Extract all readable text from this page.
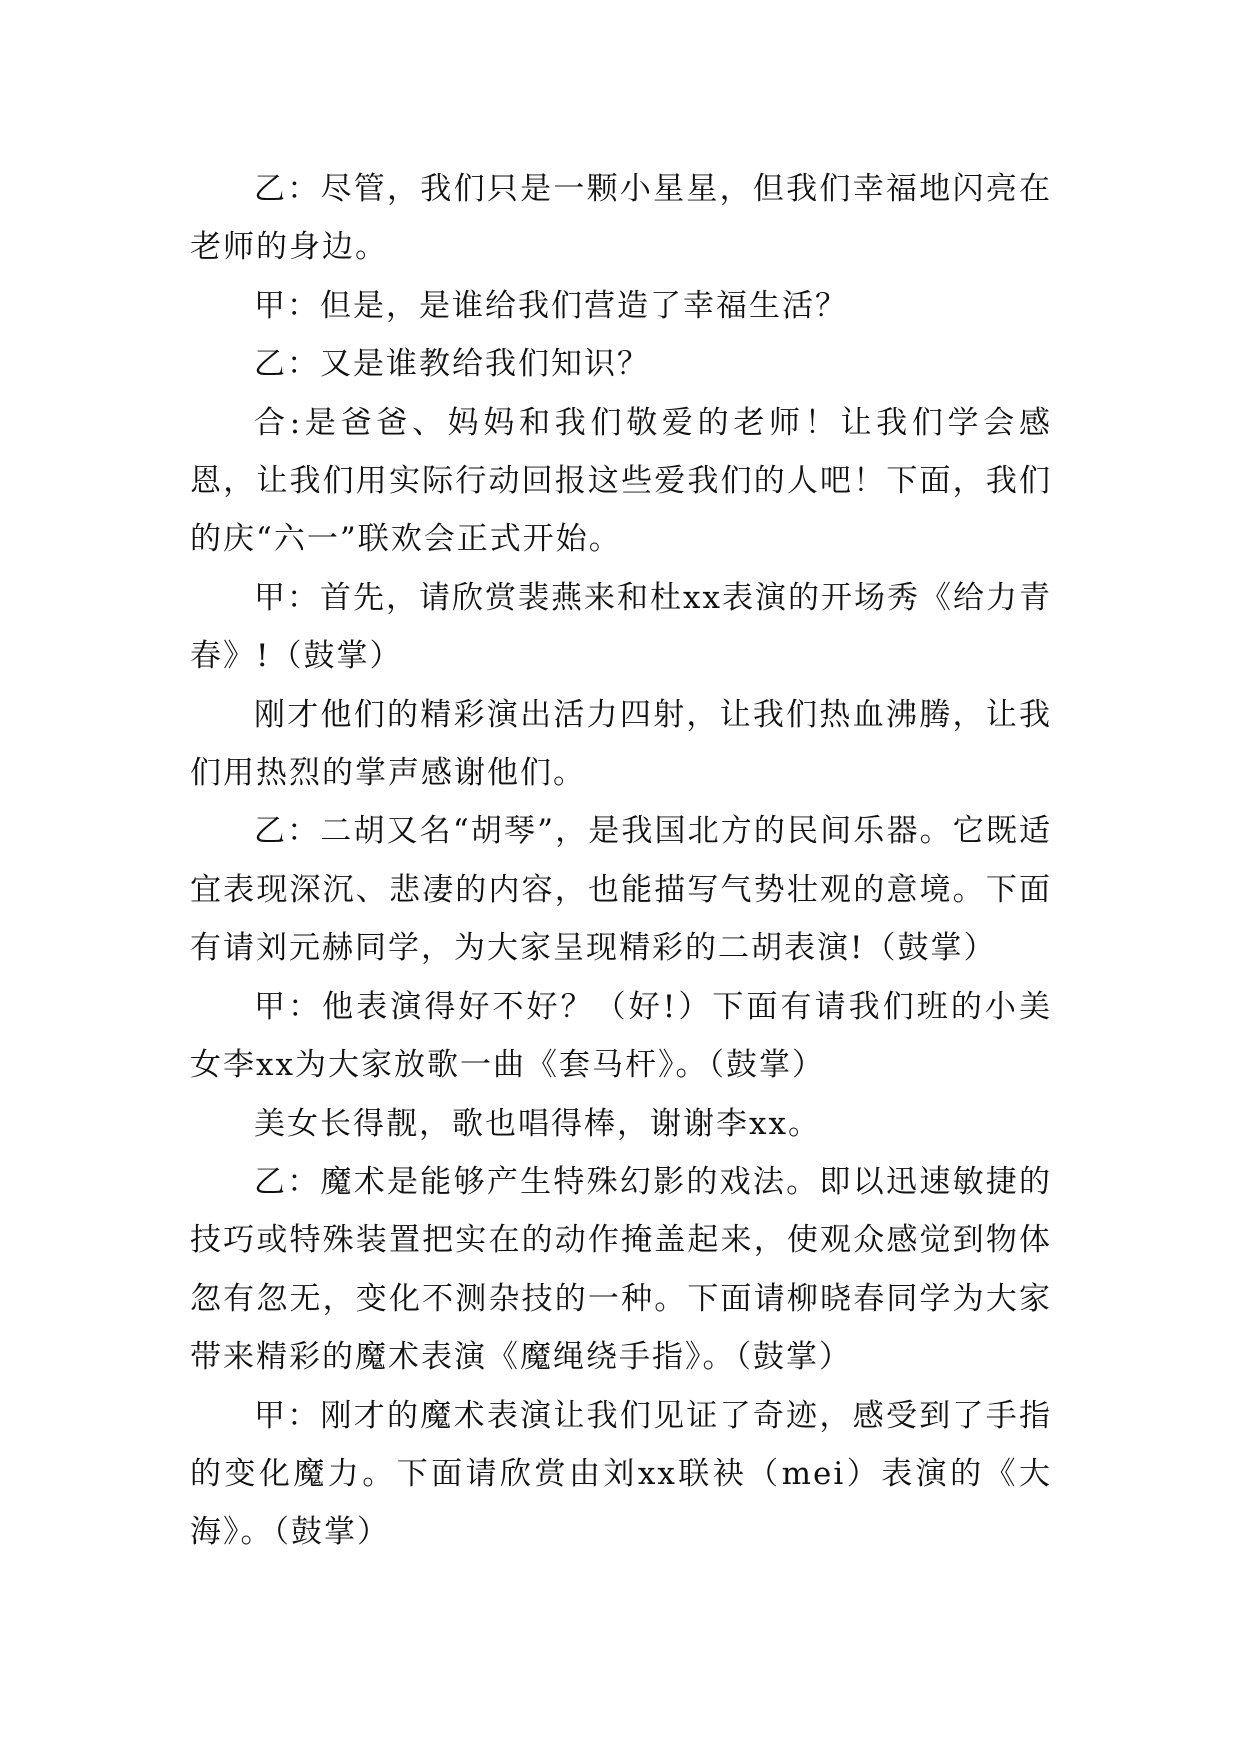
乙：尽管，我们只是一颗小星星，但我们幸福地闪亮在老师的身边。

甲：但是，是谁给我们营造了幸福生活？

乙：又是谁教给我们知识？

合:是爸爸、妈妈和我们敬爱的老师！让我们学会感恩，让我们用实际行动回报这些爱我们的人吧！下面，我们的庆“六一”联欢会正式开始。

甲：首先，请欣赏裴燕来和杜xx表演的开场秀《给力青春》!（鼓掌）

刚才他们的精彩演出活力四射，让我们热血沸腾，让我们用热烈的掌声感谢他们。

乙：二胡又名“胡琴”，是我国北方的民间乐器。它既适宜表现深沉、悲凄的内容，也能描写气势壮观的意境。下面有请刘元赫同学，为大家呈现精彩的二胡表演!（鼓掌）

甲：他表演得好不好？（好!）下面有请我们班的小美女李xx为大家放歌一曲《套马杆》。（鼓掌）

美女长得靓，歌也唱得棒，谢谢李xx。

乙：魔术是能够产生特殊幻影的戏法。即以迅速敏捷的技巧或特殊装置把实在的动作掩盖起来，使观众感觉到物体忽有忽无，变化不测杂技的一种。下面请柳晓春同学为大家带来精彩的魔术表演《魔绳绕手指》。（鼓掌）

甲：刚才的魔术表演让我们见证了奇迹，感受到了手指的变化魔力。下面请欣赏由刘xx联袂（mei）表演的《大海》。（鼓掌）
